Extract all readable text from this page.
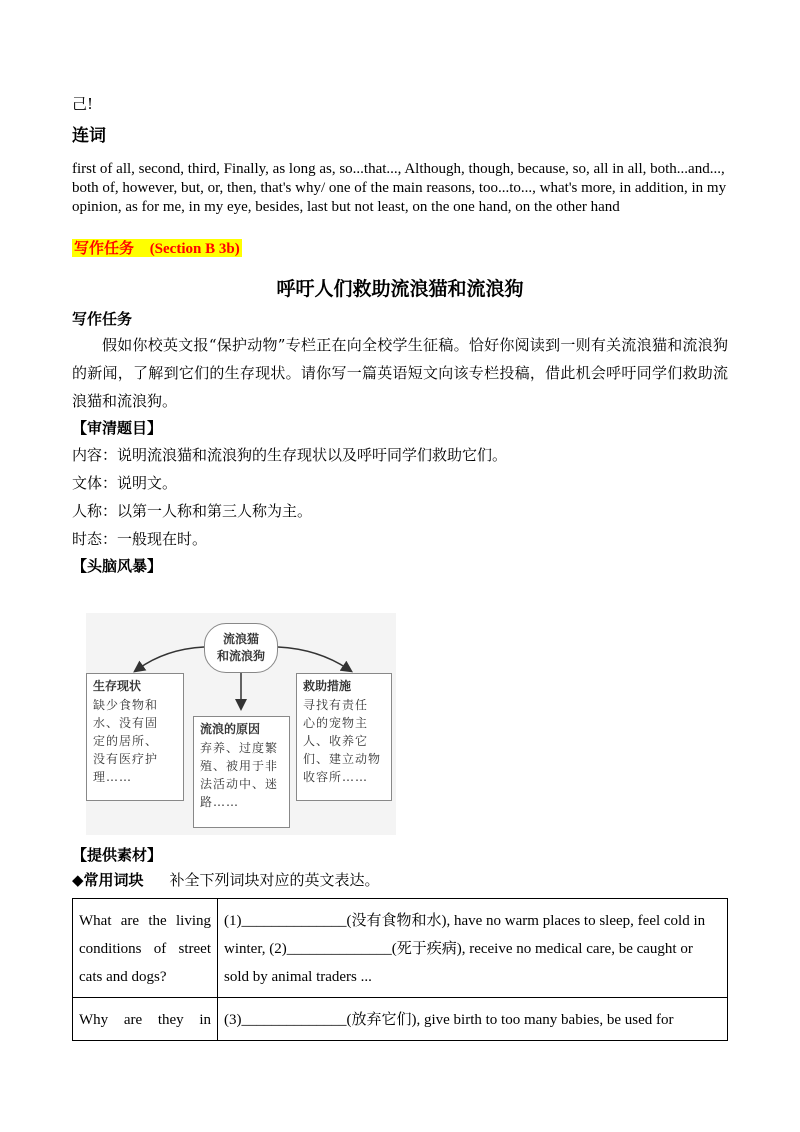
己!

连词

first of all, second, third, Finally, as long as, so...that..., Although, though, because, so, all in all, both...and..., both of, however, but, or, then, that's why/ one of the main reasons, too...to..., what's more, in addition, in my opinion, as for me, in my eye, besides, last but not least, on the one hand, on the other hand

写作任务 (Section B 3b)

呼吁人们救助流浪猫和流浪狗

写作任务

假如你校英文报“保护动物”专栏正在向全校学生征稿。恰好你阅读到一则有关流浪猫和流浪狗的新闻，了解到它们的生存现状。请你写一篇英语短文向该专栏投稿，借此机会呼吁同学们救助流浪猫和流浪狗。

【审清题目】

内容：说明流浪猫和流浪狗的生存现状以及呼吁同学们救助它们。

文体：说明文。

人称：以第一人称和第三人称为主。

时态：一般现在时。

【头脑风暴】

流浪猫
和流浪狗
生存现状
缺少食物和
水、没有固
定的居所、
没有医疗护
理……
流浪的原因
弃养、过度繁
殖、被用于非
法活动中、迷
路……
救助措施
寻找有责任
心的宠物主
人、收养它
们、建立动物
收容所……

【提供素材】

◆常用词块 补全下列词块对应的英文表达。
What are the living conditions of street cats and dogs?	(1)______________(没有食物和水), have no warm places to sleep, feel cold in winter, (2)______________(死于疾病), receive no medical care, be caught or sold by animal traders ...
Why are they in	(3)______________(放弃它们), give birth to too many babies, be used for
